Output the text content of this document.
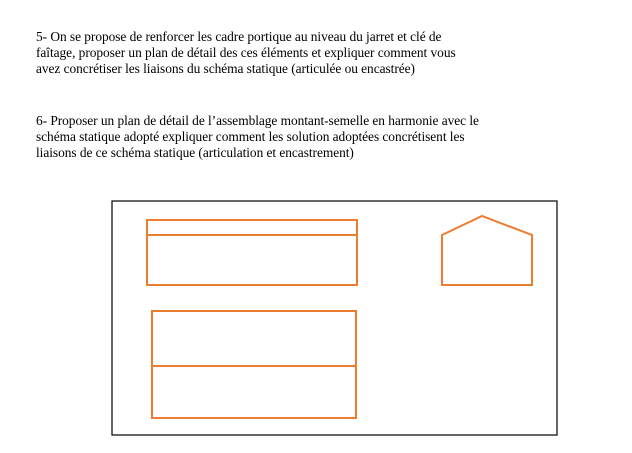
5- On se propose de renforcer les cadre portique au niveau du jarret et clé de
faîtage, proposer un plan de détail des ces éléments et expliquer comment vous
avez concrétiser les liaisons du schéma statique (articulée ou encastrée)
6- Proposer un plan de détail de l’assemblage montant-semelle en harmonie avec le
schéma statique adopté expliquer comment les solution adoptées concrétisent les
liaisons de ce schéma statique (articulation et encastrement)
